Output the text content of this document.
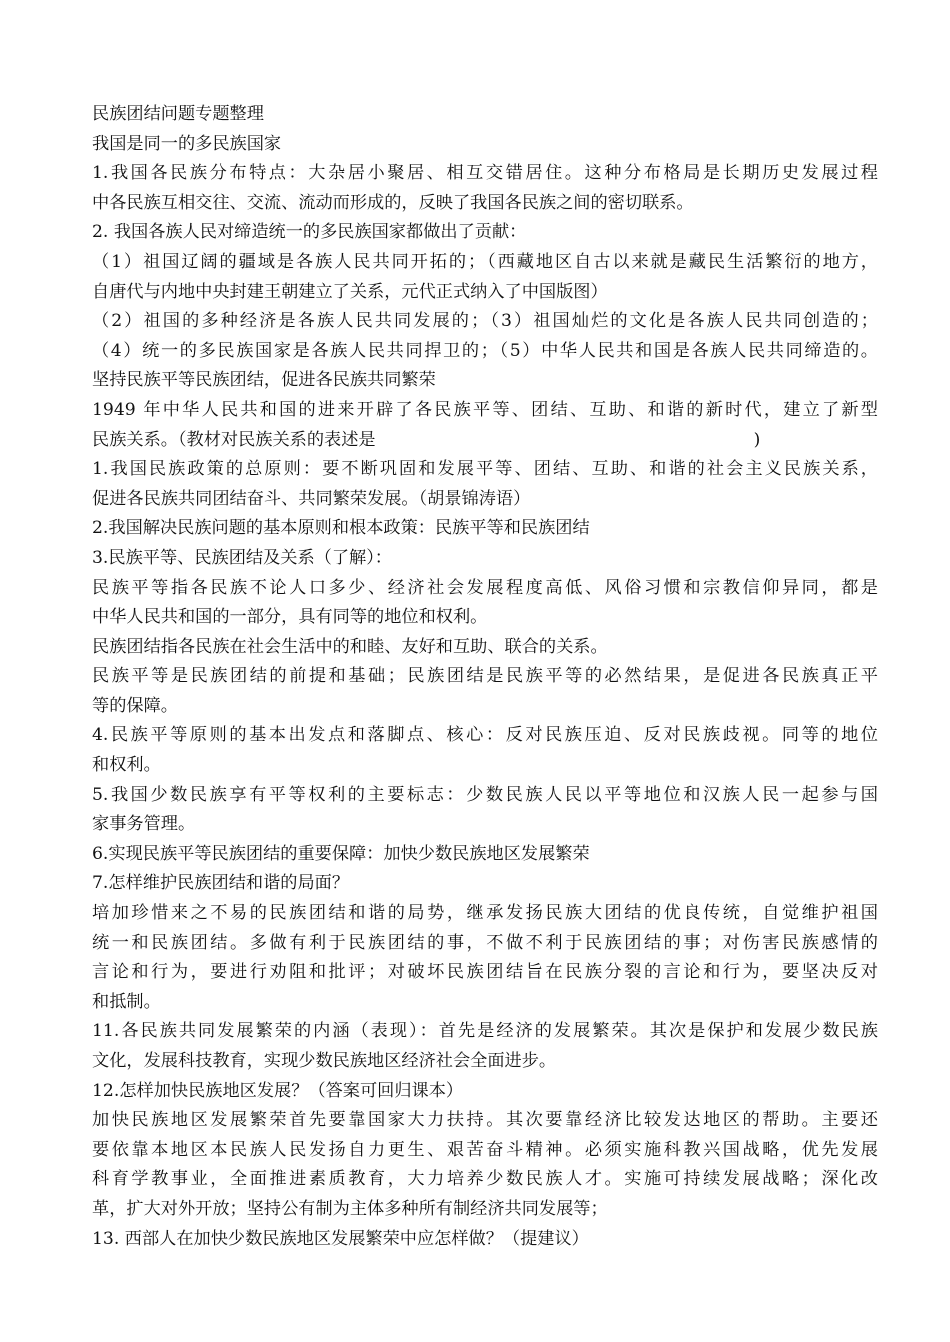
民族团结问题专题整理
我国是同一的多民族国家
1.我国各民族分布特点：大杂居小聚居、相互交错居住。这种分布格局是长期历史发展过程
中各民族互相交往、交流、流动而形成的，反映了我国各民族之间的密切联系。
2. 我国各族人民对缔造统一的多民族国家都做出了贡献：
（1）祖国辽阔的疆域是各族人民共同开拓的；（西藏地区自古以来就是藏民生活繁衍的地方，
自唐代与内地中央封建王朝建立了关系，元代正式纳入了中国版图）
（2）祖国的多种经济是各族人民共同发展的；（3）祖国灿烂的文化是各族人民共同创造的；
（4）统一的多民族国家是各族人民共同捍卫的；（5）中华人民共和国是各族人民共同缔造的。
坚持民族平等民族团结，促进各民族共同繁荣
1949 年中华人民共和国的进来开辟了各民族平等、团结、互助、和谐的新时代，建立了新型
民族关系。（教材对民族关系的表述是	)
1.我国民族政策的总原则：要不断巩固和发展平等、团结、互助、和谐的社会主义民族关系，
促进各民族共同团结奋斗、共同繁荣发展。（胡景锦涛语）
2.我国解决民族问题的基本原则和根本政策：民族平等和民族团结
3.民族平等、民族团结及关系（了解）：
民族平等指各民族不论人口多少、经济社会发展程度高低、风俗习惯和宗教信仰异同，都是
中华人民共和国的一部分，具有同等的地位和权利。
民族团结指各民族在社会生活中的和睦、友好和互助、联合的关系。
民族平等是民族团结的前提和基础；民族团结是民族平等的必然结果，是促进各民族真正平
等的保障。
4.民族平等原则的基本出发点和落脚点、核心：反对民族压迫、反对民族歧视。同等的地位
和权利。
5.我国少数民族享有平等权利的主要标志：少数民族人民以平等地位和汉族人民一起参与国
家事务管理。
6.实现民族平等民族团结的重要保障：加快少数民族地区发展繁荣
7.怎样维护民族团结和谐的局面？
培加珍惜来之不易的民族团结和谐的局势，继承发扬民族大团结的优良传统，自觉维护祖国
统一和民族团结。多做有利于民族团结的事，不做不利于民族团结的事；对伤害民族感情的
言论和行为，要进行劝阻和批评；对破坏民族团结旨在民族分裂的言论和行为，要坚决反对
和抵制。
11.各民族共同发展繁荣的内涵（表现）：首先是经济的发展繁荣。其次是保护和发展少数民族
文化，发展科技教育，实现少数民族地区经济社会全面进步。
12.怎样加快民族地区发展？（答案可回归课本）
加快民族地区发展繁荣首先要靠国家大力扶持。其次要靠经济比较发达地区的帮助。主要还
要依靠本地区本民族人民发扬自力更生、艰苦奋斗精神。必须实施科教兴国战略，优先发展
科育学教事业，全面推进素质教育，大力培养少数民族人才。实施可持续发展战略；深化改
革，扩大对外开放；坚持公有制为主体多种所有制经济共同发展等；
13. 西部人在加快少数民族地区发展繁荣中应怎样做？（提建议）
